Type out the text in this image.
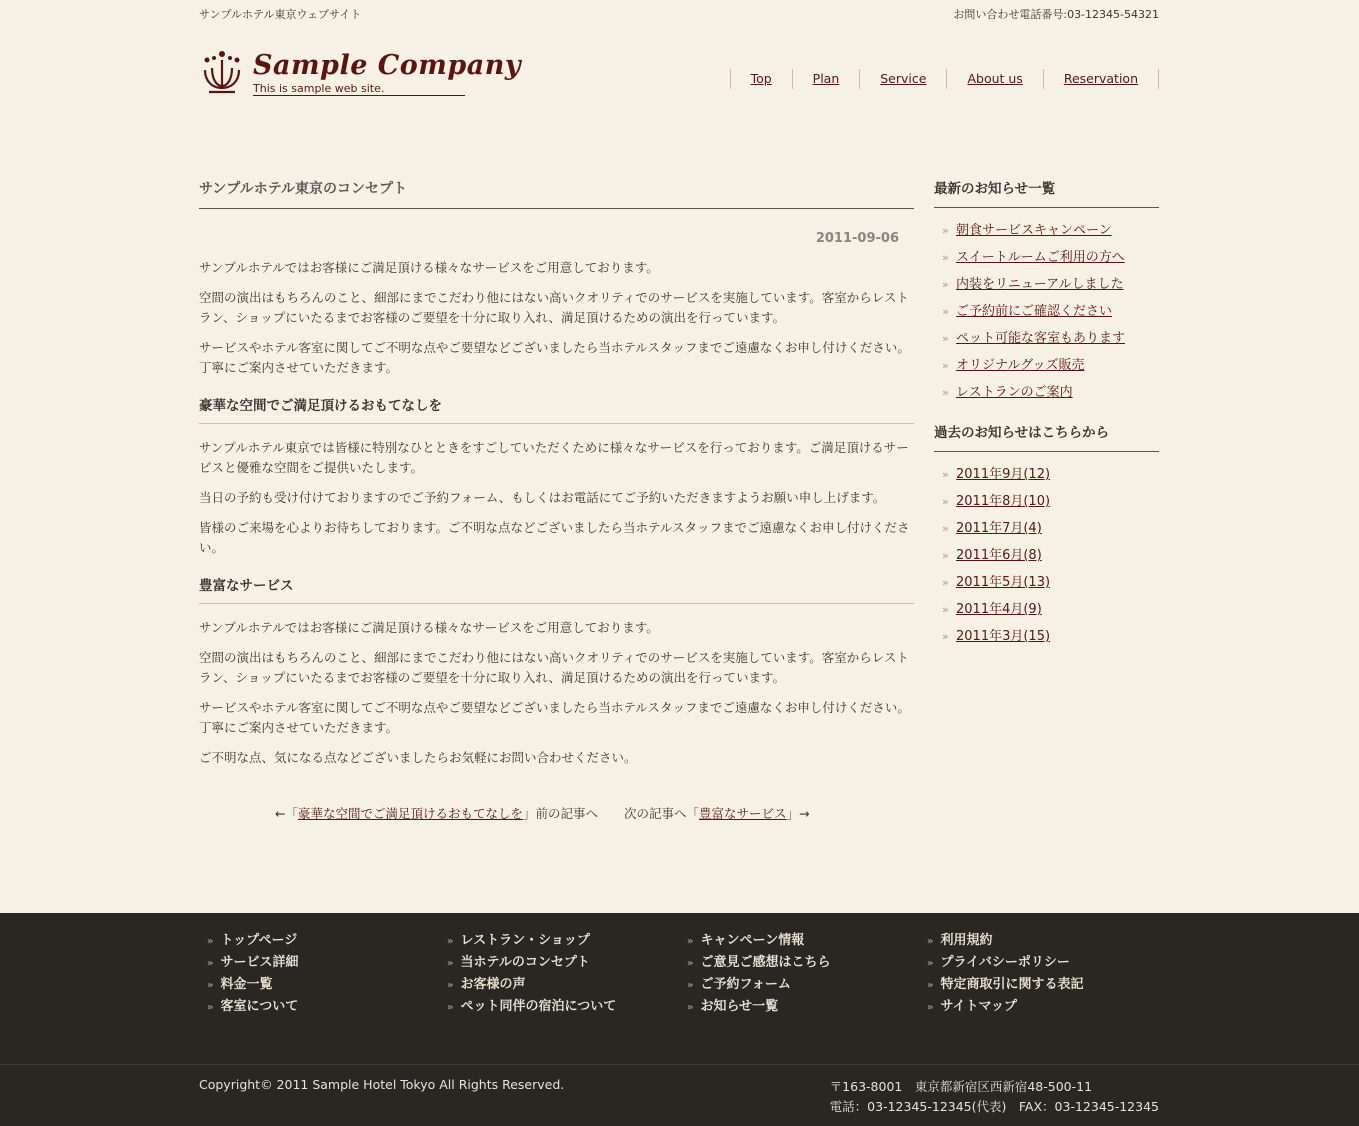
サンプルホテル東京ウェブサイト	お問い合わせ電話番号:03-12345-54321
Sample Company
This is sample web site.
Top	Plan	Service	About us	Reservation
サンプルホテル東京のコンセプト
2011-09-06

サンプルホテルではお客様にご満足頂ける様々なサービスをご用意しております。

空間の演出はもちろんのこと、細部にまでこだわり他にはない高いクオリティでのサービスを実施しています。客室からレストラン、ショップにいたるまでお客様のご要望を十分に取り入れ、満足頂けるための演出を行っています。

サービスやホテル客室に関してご不明な点やご要望などございましたら当ホテルスタッフまでご遠慮なくお申し付けください。丁寧にご案内させていただきます。

豪華な空間でご満足頂けるおもてなしを

サンプルホテル東京では皆様に特別なひとときをすごしていただくために様々なサービスを行っております。ご満足頂けるサービスと優雅な空間をご提供いたします。

当日の予約も受け付けておりますのでご予約フォーム、もしくはお電話にてご予約いただきますようお願い申し上げます。

皆様のご来場を心よりお待ちしております。ご不明な点などございましたら当ホテルスタッフまでご遠慮なくお申し付けください。

豊富なサービス

サンプルホテルではお客様にご満足頂ける様々なサービスをご用意しております。

空間の演出はもちろんのこと、細部にまでこだわり他にはない高いクオリティでのサービスを実施しています。客室からレストラン、ショップにいたるまでお客様のご要望を十分に取り入れ、満足頂けるための演出を行っています。

サービスやホテル客室に関してご不明な点やご要望などございましたら当ホテルスタッフまでご遠慮なくお申し付けください。丁寧にご案内させていただきます。

ご不明な点、気になる点などございましたらお気軽にお問い合わせください。

←「豪華な空間でご満足頂けるおもてなしを」前の記事へ 次の記事へ「豊富なサービス」→
最新のお知らせ一覧
» 朝食サービスキャンペーン
» スイートルームご利用の方へ
» 内装をリニューアルしました
» ご予約前にご確認ください
» ペット可能な客室もあります
» オリジナルグッズ販売
» レストランのご案内
過去のお知らせはこちらから
» 2011年9月(12)
» 2011年8月(10)
» 2011年7月(4)
» 2011年6月(8)
» 2011年5月(13)
» 2011年4月(9)
» 2011年3月(15)
» トップページ
» サービス詳細
» 料金一覧
» 客室について
» レストラン・ショップ
» 当ホテルのコンセプト
» お客様の声
» ペット同伴の宿泊について
» キャンペーン情報
» ご意見ご感想はこちら
» ご予約フォーム
» お知らせ一覧
» 利用規約
» プライバシーポリシー
» 特定商取引に関する表記
» サイトマップ
Copyright© 2011 Sample Hotel Tokyo All Rights Reserved.	〒163-8001　東京都新宿区西新宿48-500-11
電話：03-12345-12345(代表)　FAX：03-12345-12345
